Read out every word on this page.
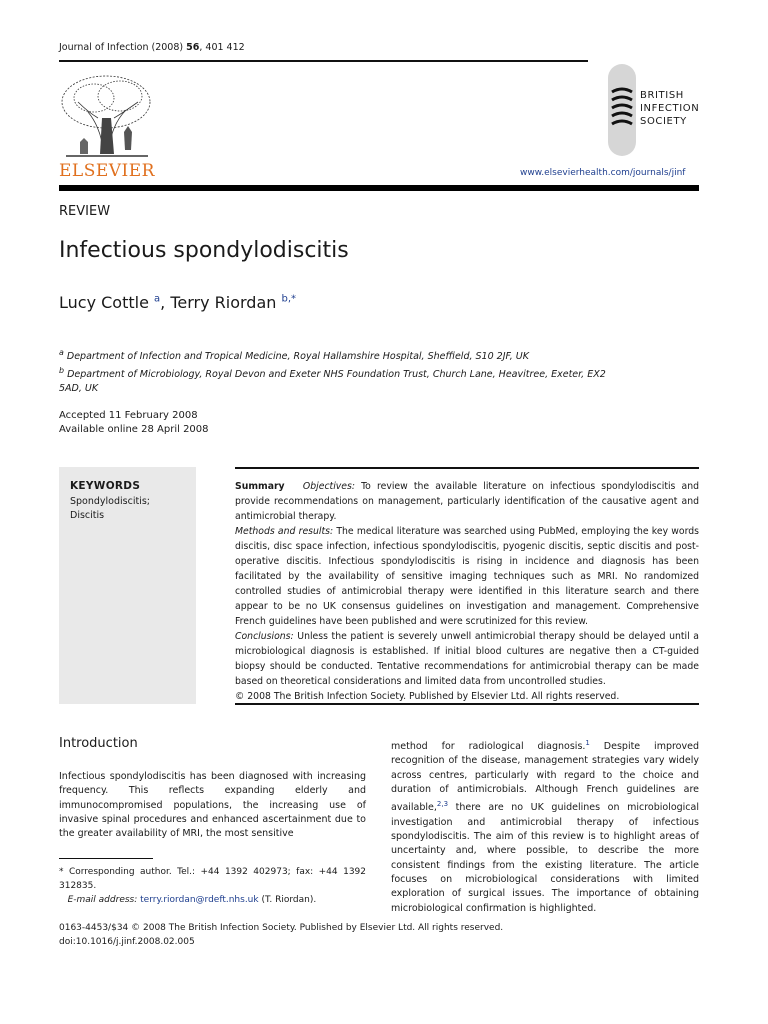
Journal of Infection (2008) 56, 401 412
ELSEVIER
BRITISH
INFECTION
SOCIETY
www.elsevierhealth.com/journals/jinf
REVIEW
Infectious spondylodiscitis
Lucy Cottle $^a$, Terry Riordan $^{b,*}$
$^a$ Department of Infection and Tropical Medicine, Royal Hallamshire Hospital, Sheffield, S10 2JF, UK
$^b$ Department of Microbiology, Royal Devon and Exeter NHS Foundation Trust, Church Lane, Heavitree, Exeter, EX2 5AD, UK
Accepted 11 February 2008
Available online 28 April 2008
KEYWORDS
Spondylodiscitis;
Discitis
Summary Objectives: To review the available literature on infectious spondylodiscitis and provide recommendations on management, particularly identification of the causative agent and antimicrobial therapy.
Methods and results: The medical literature was searched using PubMed, employing the key words discitis, disc space infection, infectious spondylodiscitis, pyogenic discitis, septic discitis and post-operative discitis. Infectious spondylodiscitis is rising in incidence and diagnosis has been facilitated by the availability of sensitive imaging techniques such as MRI. No randomized controlled studies of antimicrobial therapy were identified in this literature search and there appear to be no UK consensus guidelines on investigation and management. Comprehensive French guidelines have been published and were scrutinized for this review.
Conclusions: Unless the patient is severely unwell antimicrobial therapy should be delayed until a microbiological diagnosis is established. If initial blood cultures are negative then a CT-guided biopsy should be conducted. Tentative recommendations for antimicrobial therapy can be made based on theoretical considerations and limited data from uncontrolled studies.
© 2008 The British Infection Society. Published by Elsevier Ltd. All rights reserved.
Introduction
Infectious spondylodiscitis has been diagnosed with increasing frequency. This reflects expanding elderly and immunocompromised populations, the increasing use of invasive spinal procedures and enhanced ascertainment due to the greater availability of MRI, the most sensitive
* Corresponding author. Tel.: +44 1392 402973; fax: +44 1392 312835.
E-mail address: terry.riordan@rdeft.nhs.uk (T. Riordan).
method for radiological diagnosis.$^1$ Despite improved recognition of the disease, management strategies vary widely across centres, particularly with regard to the choice and duration of antimicrobials. Although French guidelines are available,$^{2,3}$ there are no UK guidelines on microbiological investigation and antimicrobial therapy of infectious spondylodiscitis. The aim of this review is to highlight areas of uncertainty and, where possible, to describe the more consistent findings from the existing literature. The article focuses on microbiological considerations with limited exploration of surgical issues. The importance of obtaining microbiological confirmation is highlighted.
0163-4453/$34 © 2008 The British Infection Society. Published by Elsevier Ltd. All rights reserved.
doi:10.1016/j.jinf.2008.02.005
